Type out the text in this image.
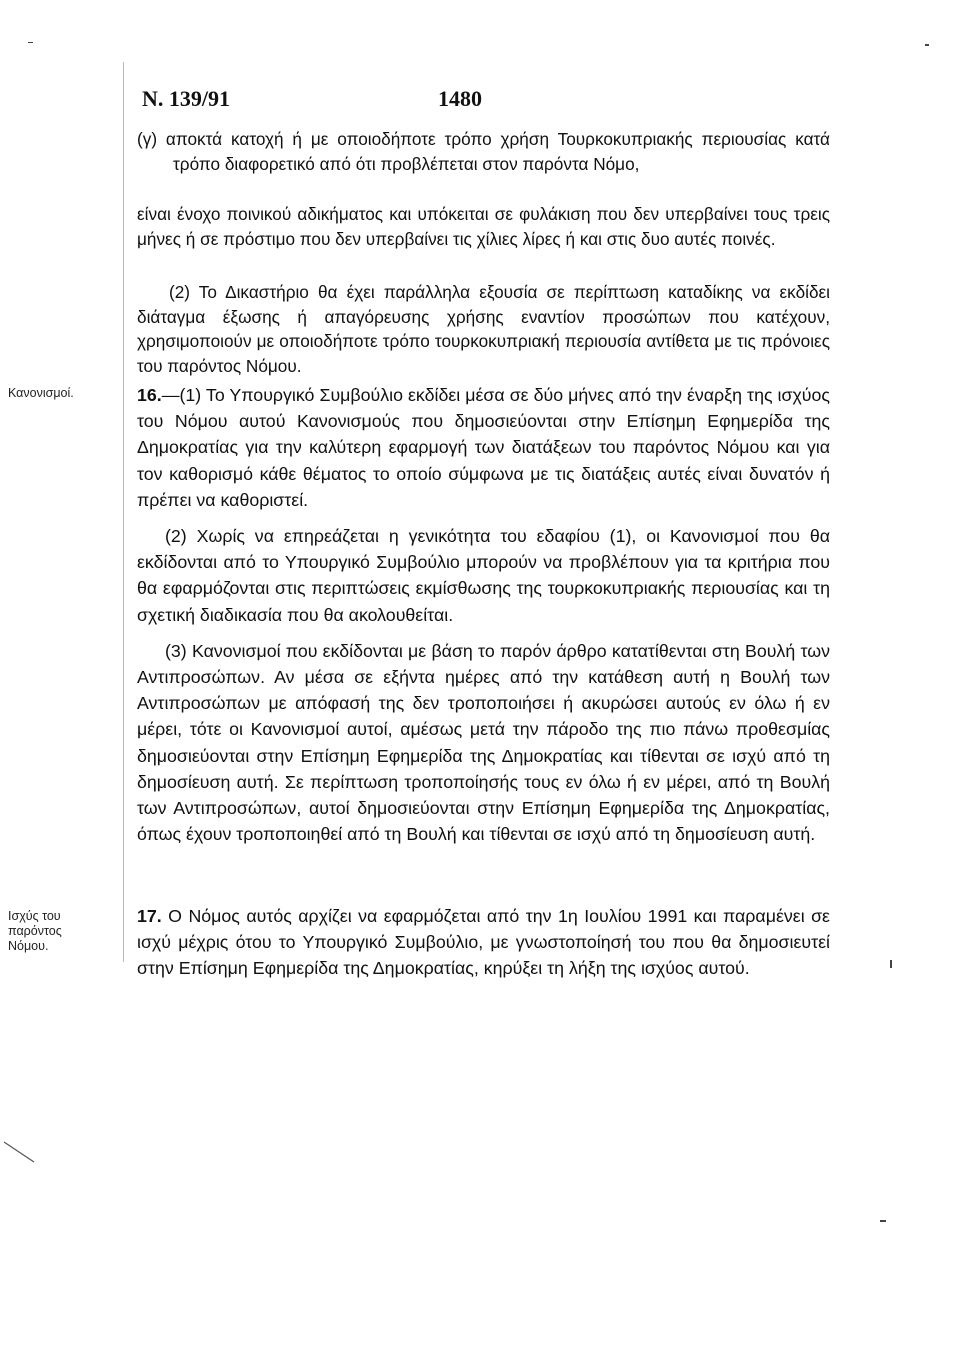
Ν. 139/91	1480
Κανονισμοί.
Ισχύς του
παρόντος
Νόμου.

(γ) αποκτά κατοχή ή με οποιοδήποτε τρόπο χρήση Τουρκοκυπριακής περιουσίας κατά τρόπο διαφορετικό από ότι προβλέπεται στον παρόντα Νόμο,

είναι ένοχο ποινικού αδικήματος και υπόκειται σε φυλάκιση που δεν υπερβαίνει τους τρεις μήνες ή σε πρόστιμο που δεν υπερβαίνει τις χίλιες λίρες ή και στις δυο αυτές ποινές.

(2) Το Δικαστήριο θα έχει παράλληλα εξουσία σε περίπτωση καταδίκης να εκδίδει διάταγμα έξωσης ή απαγόρευσης χρήσης εναντίον προσώπων που κατέχουν, χρησιμοποιούν με οποιοδήποτε τρόπο τουρκοκυπριακή περιουσία αντίθετα με τις πρόνοιες του παρόντος Νόμου.

16.—(1) Το Υπουργικό Συμβούλιο εκδίδει μέσα σε δύο μήνες από την έναρξη της ισχύος του Νόμου αυτού Κανονισμούς που δημοσιεύονται στην Επίσημη Εφημερίδα της Δημοκρατίας για την καλύτερη εφαρμογή των διατάξεων του παρόντος Νόμου και για τον καθορισμό κάθε θέματος το οποίο σύμφωνα με τις διατάξεις αυτές είναι δυνατόν ή πρέπει να καθοριστεί.

(2) Χωρίς να επηρεάζεται η γενικότητα του εδαφίου (1), οι Κανονισμοί που θα εκδίδονται από το Υπουργικό Συμβούλιο μπορούν να προβλέπουν για τα κριτήρια που θα εφαρμόζονται στις περιπτώσεις εκμίσθωσης της τουρκοκυπριακής περιουσίας και τη σχετική διαδικασία που θα ακολουθείται.

(3) Κανονισμοί που εκδίδονται με βάση το παρόν άρθρο κατατίθενται στη Βουλή των Αντιπροσώπων. Αν μέσα σε εξήντα ημέρες από την κατάθεση αυτή η Βουλή των Αντιπροσώπων με απόφασή της δεν τροποποιήσει ή ακυρώσει αυτούς εν όλω ή εν μέρει, τότε οι Κανονισμοί αυτοί, αμέσως μετά την πάροδο της πιο πάνω προθεσμίας δημοσιεύονται στην Επίσημη Εφημερίδα της Δημοκρατίας και τίθενται σε ισχύ από τη δημοσίευση αυτή. Σε περίπτωση τροποποίησής τους εν όλω ή εν μέρει, από τη Βουλή των Αντιπροσώπων, αυτοί δημοσιεύονται στην Επίσημη Εφημερίδα της Δημοκρατίας, όπως έχουν τροποποιηθεί από τη Βουλή και τίθενται σε ισχύ από τη δημοσίευση αυτή.

17. Ο Νόμος αυτός αρχίζει να εφαρμόζεται από την 1η Ιουλίου 1991 και παραμένει σε ισχύ μέχρις ότου το Υπουργικό Συμβούλιο, με γνωστοποίησή του που θα δημοσιευτεί στην Επίσημη Εφημερίδα της Δημοκρατίας, κηρύξει τη λήξη της ισχύος αυτού.
